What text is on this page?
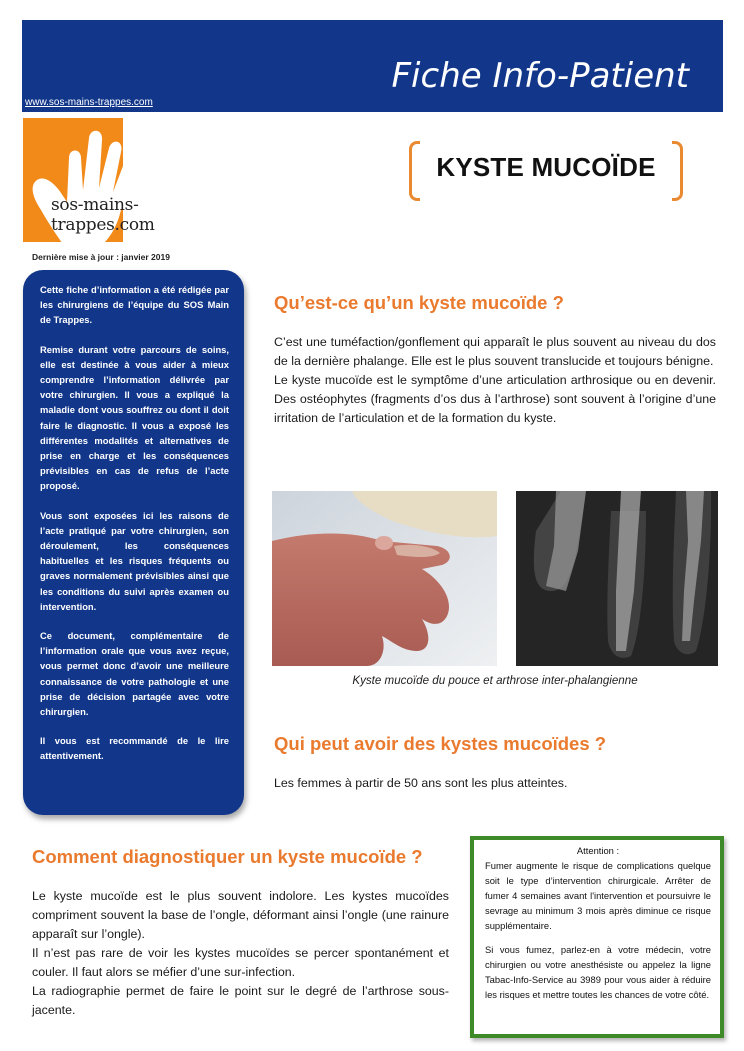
Fiche Info-Patient
www.sos-mains-trappes.com
sos-mains-trappes.com
Dernière mise à jour : janvier 2019
KYSTE MUCOÏDE

Cette fiche d’information a été rédigée par les chirurgiens de l’équipe du SOS Main de Trappes.

Remise durant votre parcours de soins, elle est destinée à vous aider à mieux comprendre l’information délivrée par votre chirurgien. Il vous a expliqué la maladie dont vous souffrez ou dont il doit faire le diagnostic. Il vous a exposé les différentes modalités et alternatives de prise en charge et les conséquences prévisibles en cas de refus de l’acte proposé.

Vous sont exposées ici les raisons de l’acte pratiqué par votre chirurgien, son déroulement, les conséquences habituelles et les risques fréquents ou graves normalement prévisibles ainsi que les conditions du suivi après examen ou intervention.

Ce document, complémentaire de l’information orale que vous avez reçue, vous permet donc d’avoir une meilleure connaissance de votre pathologie et une prise de décision partagée avec votre chirurgien.

Il vous est recommandé de le lire attentivement.

Qu’est-ce qu’un kyste mucoïde ?

C’est une tuméfaction/gonflement qui apparaît le plus souvent au niveau du dos de la dernière phalange. Elle est le plus souvent translucide et toujours bénigne.

Le kyste mucoïde est le symptôme d’une articulation arthrosique ou en devenir. Des ostéophytes (fragments d’os dus à l’arthrose) sont souvent à l’origine d’une irritation de l’articulation et de la formation du kyste.

Kyste mucoïde du pouce et arthrose inter-phalangienne
Qui peut avoir des kystes mucoïdes ?

Les femmes à partir de 50 ans sont les plus atteintes.

Comment diagnostiquer un kyste mucoïde ?

Le kyste mucoïde est le plus souvent indolore. Les kystes mucoïdes compriment souvent la base de l’ongle, déformant ainsi l’ongle (une rainure apparaît sur l’ongle).

Il n’est pas rare de voir les kystes mucoïdes se percer spontanément et couler. Il faut alors se méfier d’une sur-infection.

La radiographie permet de faire le point sur le degré de l’arthrose sous-jacente.

Attention :

Fumer augmente le risque de complications quelque soit le type d’intervention chirurgicale. Arrêter de fumer 4 semaines avant l'intervention et poursuivre le sevrage au minimum 3 mois après diminue ce risque supplémentaire.

Si vous fumez, parlez-en à votre médecin, votre chirurgien ou votre anesthésiste ou appelez la ligne Tabac-Info-Service au 3989 pour vous aider à réduire les risques et mettre toutes les chances de votre côté.
